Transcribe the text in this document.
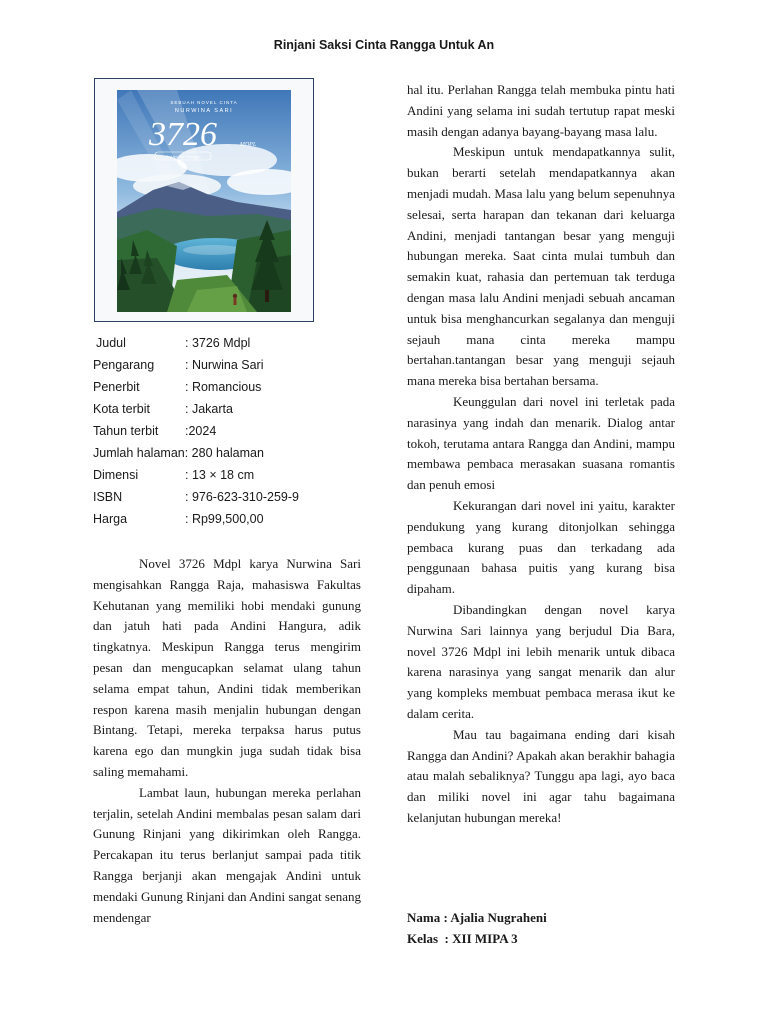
Rinjani Saksi Cinta Rangga Untuk An
SEBUAH NOVEL CINTA
NURWINA SARI
3726	MDPL
Rinjani dan Rangga
Judul	: 3726 Mdpl
Pengarang : Nurwina Sari
Penerbit	: Romancious
Kota terbit	: Jakarta
Tahun terbit :2024
Jumlah halaman: 280 halaman
Dimensi	: 13 × 18 cm
ISBN	: 976-623-310-259-9
Harga	: Rp99,500,00

Novel 3726 Mdpl karya Nurwina Sari mengisahkan Rangga Raja, mahasiswa Fakultas Kehutanan yang memiliki hobi mendaki gunung dan jatuh hati pada Andini Hangura, adik tingkatnya. Meskipun Rangga terus mengirim pesan dan mengucapkan selamat ulang tahun selama empat tahun, Andini tidak memberikan respon karena masih menjalin hubungan dengan Bintang. Tetapi, mereka terpaksa harus putus karena ego dan mungkin juga sudah tidak bisa saling memahami.

Lambat laun, hubungan mereka perlahan terjalin, setelah Andini membalas pesan salam dari Gunung Rinjani yang dikirimkan oleh Rangga. Percakapan itu terus berlanjut sampai pada titik Rangga berjanji akan mengajak Andini untuk mendaki Gunung Rinjani dan Andini sangat senang mendengar

hal itu. Perlahan Rangga telah membuka pintu hati Andini yang selama ini sudah tertutup rapat meski masih dengan adanya bayang-bayang masa lalu.

Meskipun untuk mendapatkannya sulit, bukan berarti setelah mendapatkannya akan menjadi mudah. Masa lalu yang belum sepenuhnya selesai, serta harapan dan tekanan dari keluarga Andini, menjadi tantangan besar yang menguji hubungan mereka. Saat cinta mulai tumbuh dan semakin kuat, rahasia dan pertemuan tak terduga dengan masa lalu Andini menjadi sebuah ancaman untuk bisa menghancurkan segalanya dan menguji sejauh mana cinta mereka mampu bertahan.tantangan besar yang menguji sejauh mana mereka bisa bertahan bersama.

Keunggulan dari novel ini terletak pada narasinya yang indah dan menarik. Dialog antar tokoh, terutama antara Rangga dan Andini, mampu membawa pembaca merasakan suasana romantis dan penuh emosi

Kekurangan dari novel ini yaitu, karakter pendukung yang kurang ditonjolkan sehingga pembaca kurang puas dan terkadang ada penggunaan bahasa puitis yang kurang bisa dipaham.

Dibandingkan dengan novel karya Nurwina Sari lainnya yang berjudul Dia Bara, novel 3726 Mdpl ini lebih menarik untuk dibaca karena narasinya yang sangat menarik dan alur yang kompleks membuat pembaca merasa ikut ke dalam cerita.

Mau tau bagaimana ending dari kisah Rangga dan Andini? Apakah akan berakhir bahagia atau malah sebaliknya? Tunggu apa lagi, ayo baca dan miliki novel ini agar tahu bagaimana kelanjutan hubungan mereka!

Nama : Ajalia Nugraheni
Kelas  : XII MIPA 3
